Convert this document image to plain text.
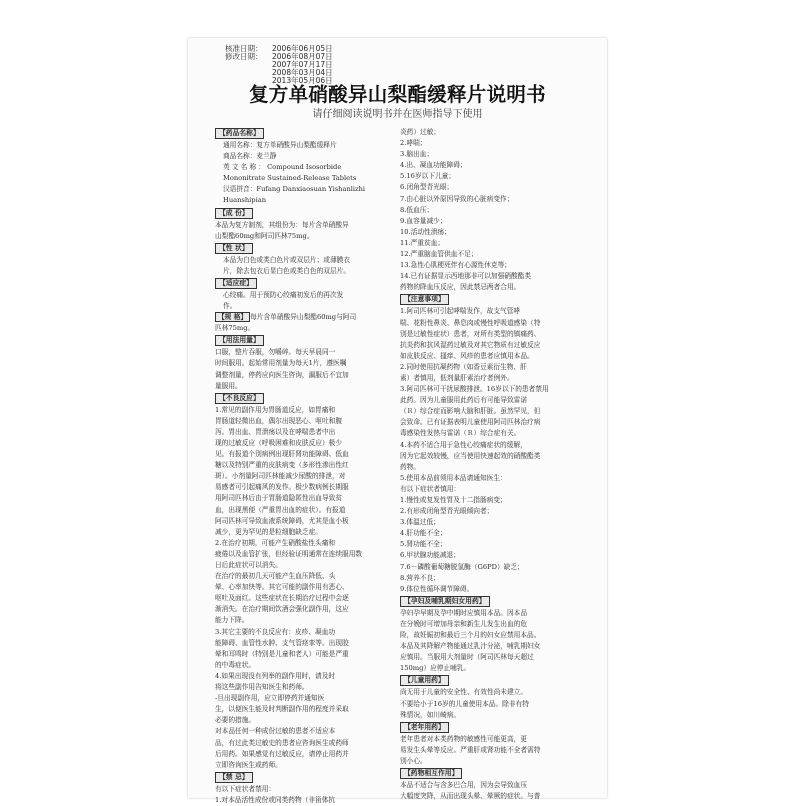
核准日期：	2006年06月05日
修改日期：	2006年08月07日
2007年07月17日
2008年03月04日
2013年05月06日
复方单硝酸异山梨酯缓释片说明书
请仔细阅读说明书并在医师指导下使用
【药品名称】
通用名称：复方单硝酸异山梨酯缓释片
商品名称：麦兰静
英 文 名 称 ： Compound Isosorbide
Mononitrate Sustained-Release Tablets
汉语拼音：Fufang Danxiaosuan Yishanlizhi
Huanshipian
【成 份】
本品为复方制剂，其组份为：每片含单硝酸异
山梨酯60mg和阿司匹林75mg。
【性 状】
本品为白色或类白色片或双层片；或薄膜衣
片，除去包衣后显白色或类白色的双层片。
【适应症】
心绞痛。用于预防心绞痛初发后的再次发
作。
【规 格】 每片含单硝酸异山梨酯60mg与阿司
匹林75mg。
【用法用量】
口服，整片吞服，勿嚼碎。每天早晨同一
时间服用。起始常用剂量为每天1片，遵医嘱
调整剂量，停药应向医生咨询，漏服后不宜加
量服用。
【不良反应】
1.常见的副作用为胃肠道反应，如胃痛和
胃肠道轻微出血，偶尔出现恶心、呕吐和腹
泻。胃出血、胃溃疡以及在哮喘患者中出
现的过敏反应（呼吸困难和皮肤反应）极少
见。有报道个别病例出现肝肾功能障碍、低血
糖以及特别严重的皮肤病变（多形性渗出性红
斑）。小剂量阿司匹林能减少尿酸的排泄，对
易感者可引起痛风的发作。极少数病例长期服
用阿司匹林后由于胃肠道隐匿性出血导致贫
血，出现黑便（严重胃出血的症状）。有报道
阿司匹林可导致血液系统障碍，尤其是血小板
减少，更为罕见的是粒细胞缺乏症。
2.在治疗初期，可能产生硝酸盐性头痛和
疲倦以及血管扩张，但经验证明通常在连续服用数
日后此症状可以消失。
在治疗的最初几天可能产生血压降低、头
晕、心率加快等。其它可能的副作用有恶心、
呕吐及面红。这些症状在长期治疗过程中会逐
渐消失。在治疗期间饮酒会强化副作用，这应
能力下降。
3.其它主要的不良反应有：皮疹、凝血功
能障碍、血管性水肿、支气管痉挛等。出现胶
晕和耳鸣时（特别是儿童和老人）可能是严重
的中毒症状。
4.如果出现没有列举的副作用时，请及时
将这些副作用告知医生和药师。
-旦出现副作用，应立即停药并通知医
生，以便医生能及时判断副作用的程度并采取
必要的措施。
对本品任何一种成份过敏的患者不适应本
品，有过此类过敏史的患者应咨询医生或药师
后用药。如果感觉有过敏反应，请停止用药并
立即咨询医生或药师。
【禁 忌】
有以下症状者禁用：
1.对本品活性成份或同类药物（非甾体抗
炎药）过敏；
2.哮喘；
3.脑出血；
4.出、凝血功能障碍；
5.16岁以下儿童；
6.闭角型青光眼；
7.由心脏以外原因导致的心脏病变作；
8.低血压；
9.血容量减少；
10.活动性溃疡；
11.严重贫血；
12.严重脑血管供血不足；
13.急性心肌梗死伴有心源性休克等；
14.已有证据显示西地那非可以加强硝酸酯类
药物的降血压反应，因此禁忌两者合用。
【注意事项】
1.阿司匹林可引起哮喘发作，故支气管哮
喘、花粉性鼻炎、鼻息肉或慢性呼吸道感染（特
别是过敏性症状）患者，对所有类型的镇痛药、
抗炎药和抗风湿药过敏及对其它物质有过敏反应
如皮肤反应、搔痒、风疹的患者应慎用本品。
2.同时使用抗凝药物（如香豆素衍生物、肝
素）者慎用，低剂量肝素治疗者例外。
3.阿司匹林可干扰尿酸排泄。16岁以下的患者禁用
此药。因为儿童服用此药后有可能导致雷诺
（Ｒ）综合症而影响大脑和肝脏。虽然罕见，但
会致命。已有证据表明儿童使用阿司匹林治疗病
毒感染性发热与雷诺（Ｒ）综合症有关。
4.本药不适合用于急性心绞痛症状的缓解，
因为它起效较慢，应当使用快速起效的硝酸酯类
药物。
5.使用本品前须用本品请通知医生：
有以下症状者慎用：
1.慢性或复发性胃及十二指肠病变；
2.有形成闭角型青光眼倾向者；
3.体温过低；
4.肝功能不全；
5.肾功能不全；
6.甲状腺功能减退；
7.6－磷酸葡萄糖脱氢酶（G6PD）缺乏；
8.营养不良；
9.体位性循环调节障碍。
【孕妇及哺乳期妇女用药】
孕妇孕早期及孕中期时应慎用本品。因本品
在分娩时可增加母亲和新生儿发生出血的危
险，故妊娠初和最后三个月的妇女应禁用本品。
本品及其降解产物能通过乳汁分泌，哺乳期妇女
应慎用。当服用大剂量时（阿司匹林每天超过
150mg）应停止哺乳。
【儿童用药】
尚无用于儿童的安全性、有效性尚未建立。
不要给小于16岁的儿童使用本品。除非有特
殊情况，如川崎病。
【老年用药】
老年患者对本类药物的敏感性可能更高，更
易发生头晕等反应。严重肝或肾功能不全者需特
别小心。
【药物相互作用】
本品不适合与含多巴合用，因为会导致血压
大幅度突降，从而出现头晕、晕厥的症状。与普
